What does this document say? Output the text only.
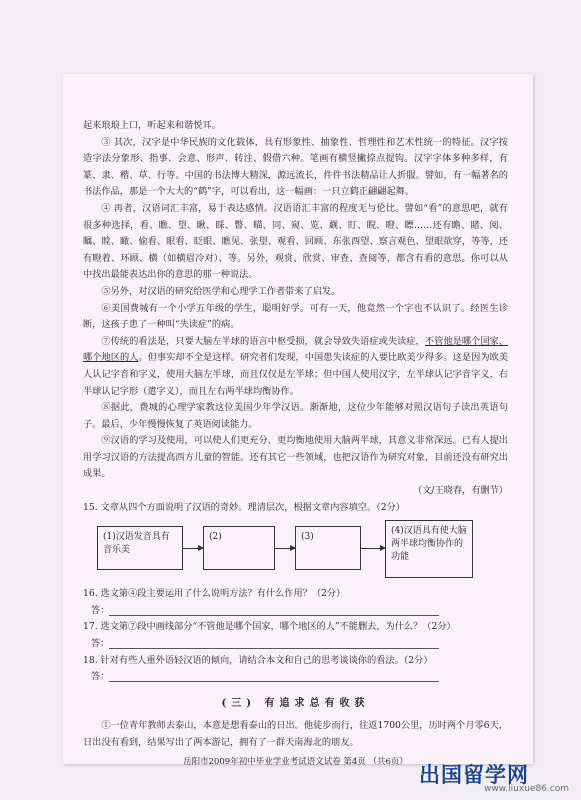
起来琅琅上口，听起来和谐悦耳。

③ 其次，汉字是中华民族的文化载体，具有形象性、抽象性、哲理性和艺术性统一的特征。汉字按造字法分象形、指事、会意、形声、转注、假借六种。笔画有横竖撇捺点提钩。汉字字体多种多样，有篆、隶、楷、草、行等。中国的书法博大精深，源远流长，件件书法精品让人折服。譬如，有一幅著名的书法作品，那是一个大大的“鹤”字，可以看出，这一幅画：一只立鹤正翩翩起舞。

④ 再者，汉语词汇丰富，易于表达感情。汉语语汇丰富的程度无与伦比。譬如“看”的意思吧，就有很多种选择，看、瞧、望、瞅、睬、瞥、瞄、同、窥、览、觑、盯、睨、瞪、瞟……还有瞻、睹、阅、瞩、瞠、瞰、偷看、眼看、眨眼、瞧见、张望、观看、回顾、东张西望、察言观色、望眼欲穿，等等，还有瞪着、环顾、横（如横眉冷对）、等。另外，观赏、欣赏、审查、查阅等，都含有看的意思。你可以从中找出最能表达出你的意思的那一种说法。

⑤另外，对汉语的研究给医学和心理学工作者带来了启发。

⑥美国费城有一个小学五年级的学生，聪明好学。可有一天，他竟然一个字也不认识了。经医生诊断，这孩子患了一种叫“失读症”的病。

⑦传统的看法是，只要大脑左半球的语言中枢受损，就会导致失语症或失读症，不管他是哪个国家、哪个地区的人。但事实却不全是这样。研究者们发现，中国患失读症的人要比欧美少得多。这是因为欧美人认记字音和字义，使用大脑左半球，而且仅仅是左半球；但中国人使用汉字，左半球认记字音字义，右半球认记字形（遣字义），而且左右两半球均衡协作。

⑧据此，费城的心理学家教这位美国少年学汉语。渐渐地，这位少年能够对照汉语句子读出英语句子。最后，少年慢慢恢复了英语阅读能力。

⑨汉语的学习及使用，可以使人们更充分、更均衡地使用大脑两半球，其意义非常深远。已有人提出用学习汉语的方法提高西方儿童的智能。还有其它一些领域，也把汉语作为研究对象，目前还没有研究出成果。

（文/王晓春，有删节）

15. 文章从四个方面说明了汉语的奇妙。理清层次，根据文章内容填空。（2分）

(1)汉语发音具有音乐美
(2)	(3)
(4)汉语具有使大脑两半球均衡协作的功能

16. 选文第④段主要运用了什么说明方法？有什么作用？（2分）

答：

17. 选文第⑦段中画线部分“不管他是哪个国家，哪个地区的人”不能删去，为什么？（2分）

答：

18. 针对有些人重外语轻汉语的倾向，请结合本文和自己的思考谈谈你的看法。（2分）

答：

(三) 有追求总有收获

①一位青年教师去泰山，本意是想看泰山的日出。他徒步而行，往返1700公里，历时两个月零6天，日出没有看到，结果写出了两本游记，拥有了一群天南海北的朋友。

岳阳市2009年初中毕业学业考试语文试卷 第4页 （共6页）
出国留学网
www.liuxue86.com
